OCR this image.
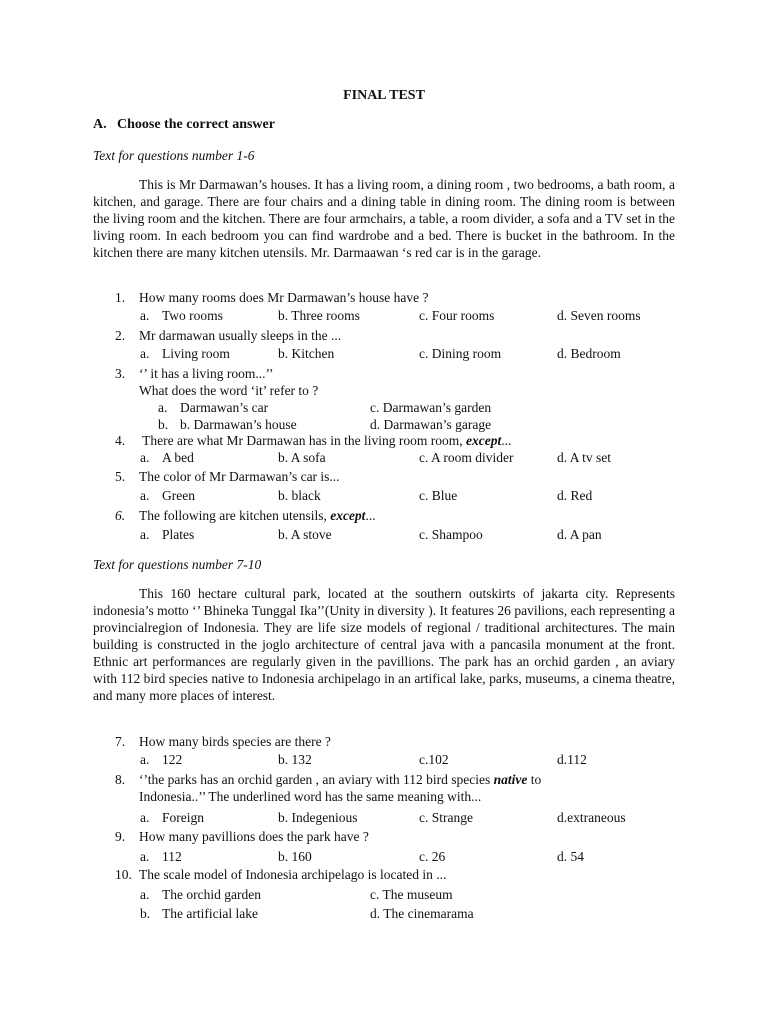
FINAL TEST
A. Choose the correct answer
Text for questions number 1-6
This is Mr Darmawan’s houses. It has a living room, a dining room , two bedrooms, a bath room, a kitchen, and garage. There are four chairs and a dining table in dining room. The dining room is between the living room and the kitchen. There are four armchairs, a table, a room divider, a sofa and a TV set in the living room. In each bedroom you can find wardrobe and a bed. There is bucket in the bathroom. In the kitchen there are many kitchen utensils. Mr. Darmaawan ‘s red car is in the garage.
1. How many rooms does Mr Darmawan’s house have ?
a. Two rooms	b. Three rooms	c. Four rooms	d. Seven rooms
2. Mr darmawan usually sleeps in the ...
a. Living room	b. Kitchen	c. Dining room	d. Bedroom
3. ‘’ it has a living room...’’
What does the word ‘it’ refer to ?
a. Darmawan’s car	c. Darmawan’s garden
b. b. Darmawan’s house	d. Darmawan’s garage
4. There are what Mr Darmawan has in the living room room, except...
a. A bed	b. A sofa	c. A room divider	d. A tv set
5. The color of Mr Darmawan’s car is...
a. Green	b. black	c. Blue	d. Red
6. The following are kitchen utensils, except...
a. Plates	b. A stove	c. Shampoo	d. A pan
Text for questions number 7-10
This 160 hectare cultural park, located at the southern outskirts of jakarta city. Represents indonesia’s motto ‘’ Bhineka Tunggal Ika’’(Unity in diversity ). It features 26 pavilions, each representing a provincialregion of Indonesia. They are life size models of regional / traditional architectures. The main building is constructed in the joglo architecture of central java with a pancasila monument at the front. Ethnic art performances are regularly given in the pavillions. The park has an orchid garden , an aviary with 112 bird species native to Indonesia archipelago in an artifical lake, parks, museums, a cinema theatre, and many more places of interest.
7. How many birds species are there ?
a. 122	b. 132	c.102	d.112
8. ‘’the parks has an orchid garden , an aviary with 112 bird species native to
Indonesia..’’ The underlined word has the same meaning with...
a. Foreign	b. Indegenious	c. Strange	d.extraneous
9. How many pavillions does the park have ?
a. 112	b. 160	c. 26	d. 54
10. The scale model of Indonesia archipelago is located in ...
a. The orchid garden	c. The museum
b. The artificial lake	d. The cinemarama
